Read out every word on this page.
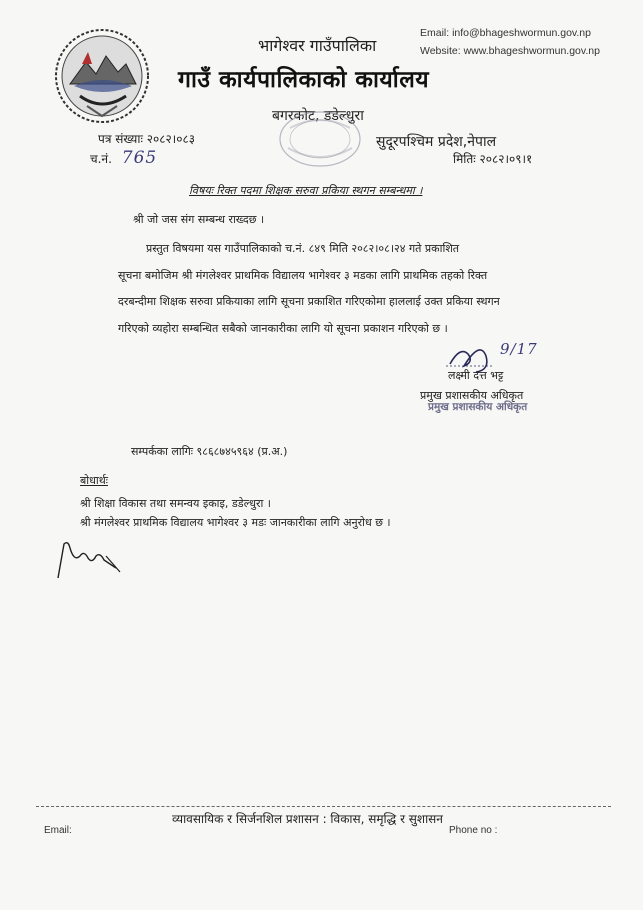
Email: info@bhageshwormun.gov.np
Website: www.bhageshwormun.gov.np
भागेश्वर गाउँपालिका
गाउँ कार्यपालिकाको कार्यालय
बगरकोट, डडेल्धुरा
सुदूरपश्चिम प्रदेश,नेपाल
पत्र संख्याः २०८२।०८३
च.नं. 765	मितिः २०८२।०९।१
विषयः रिक्त पदमा शिक्षक सरुवा प्रकिया स्थगन सम्बन्धमा ।
श्री जो जस संग सम्बन्ध राख्दछ ।
प्रस्तुत विषयमा यस गाउँपालिकाको च.नं. ८४९ मिति २०८२।०८।२४ गते प्रकाशित
सूचना बमोजिम श्री मंगलेश्वर प्राथमिक विद्यालय भागेश्वर ३ मडका लागि प्राथमिक तहको रिक्त
दरबन्दीमा शिक्षक सरुवा प्रकियाका लागि सूचना प्रकाशित गरिएकोमा हाललाई उक्त प्रकिया स्थगन
गरिएको व्यहोरा सम्बन्धित सबैको जानकारीका लागि यो सूचना प्रकाशन गरिएको छ ।
9/17
लक्ष्मी दत्त भट्ट
प्रमुख प्रशासकीय अधिकृत
प्रमुख प्रशासकीय अधिकृत
सम्पर्कका लागिः ९८६८७४५९६४ (प्र.अ.)
बोधार्थः
श्री शिक्षा विकास तथा समन्वय इकाइ, डडेल्धुरा ।
श्री मंगलेश्वर प्राथमिक विद्यालय भागेश्वर ३ मडः जानकारीका लागि अनुरोध छ ।
व्यावसायिक र सिर्जनशिल प्रशासन : विकास, समृद्धि र सुशासन
Email:	Phone no :
